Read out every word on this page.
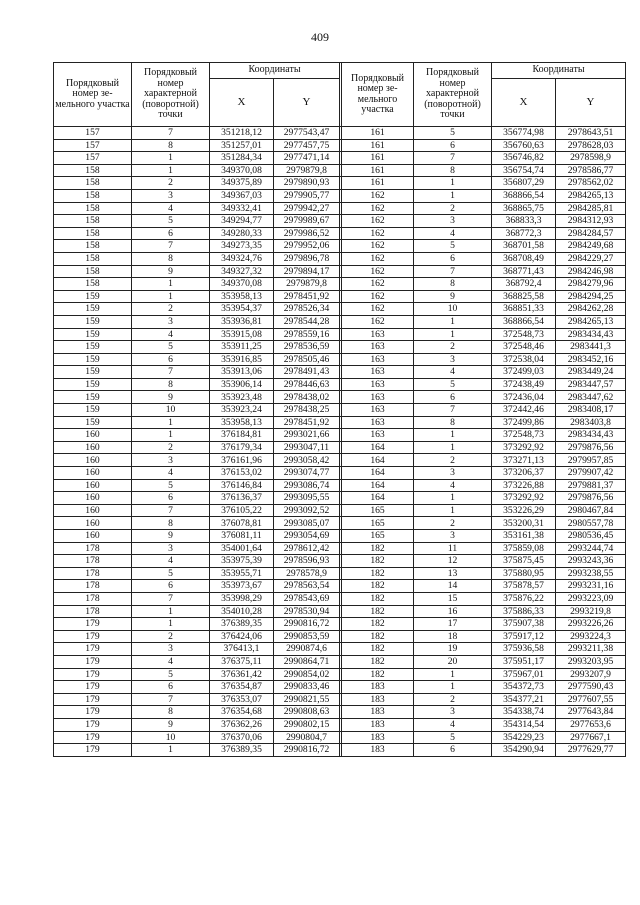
409
Порядковый номер зе-мельного участка	Порядковый номер характерной (поворотной) точки	Координаты			Порядковый номер зе-мельного участка	Порядковый номер характерной (поворотной) точки	Координаты	
		X	Y				X	Y
157	7	351218,12	2977543,47		161	5	356774,98	2978643,51
157	8	351257,01	2977457,75		161	6	356760,63	2978628,03
157	1	351284,34	2977471,14		161	7	356746,82	2978598,9
158	1	349370,08	2979879,8		161	8	356754,74	2978586,77
158	2	349375,89	2979890,93		161	1	356807,29	2978562,02
158	3	349367,03	2979905,77		162	1	368866,54	2984265,13
158	4	349332,41	2979942,27		162	2	368865,75	2984285,81
158	5	349294,77	2979989,67		162	3	368833,3	2984312,93
158	6	349280,33	2979986,52		162	4	368772,3	2984284,57
158	7	349273,35	2979952,06		162	5	368701,58	2984249,68
158	8	349324,76	2979896,78		162	6	368708,49	2984229,27
158	9	349327,32	2979894,17		162	7	368771,43	2984246,98
158	1	349370,08	2979879,8		162	8	368792,4	2984279,96
159	1	353958,13	2978451,92		162	9	368825,58	2984294,25
159	2	353954,37	2978526,34		162	10	368851,33	2984262,28
159	3	353936,81	2978544,28		162	1	368866,54	2984265,13
159	4	353915,08	2978559,16		163	1	372548,73	2983434,43
159	5	353911,25	2978536,59		163	2	372548,46	2983441,3
159	6	353916,85	2978505,46		163	3	372538,04	2983452,16
159	7	353913,06	2978491,43		163	4	372499,03	2983449,24
159	8	353906,14	2978446,63		163	5	372438,49	2983447,57
159	9	353923,48	2978438,02		163	6	372436,04	2983447,62
159	10	353923,24	2978438,25		163	7	372442,46	2983408,17
159	1	353958,13	2978451,92		163	8	372499,86	2983403,8
160	1	376184,81	2993021,66		163	1	372548,73	2983434,43
160	2	376179,34	2993047,11		164	1	373292,92	2979876,56
160	3	376161,96	2993058,42		164	2	373271,13	2979957,85
160	4	376153,02	2993074,77		164	3	373206,37	2979907,42
160	5	376146,84	2993086,74		164	4	373226,88	2979881,37
160	6	376136,37	2993095,55		164	1	373292,92	2979876,56
160	7	376105,22	2993092,52		165	1	353226,29	2980467,84
160	8	376078,81	2993085,07		165	2	353200,31	2980557,78
160	9	376081,11	2993054,69		165	3	353161,38	2980536,45
178	3	354001,64	2978612,42		182	11	375859,08	2993244,74
178	4	353975,39	2978596,93		182	12	375875,45	2993243,36
178	5	353955,71	2978578,9		182	13	375880,95	2993238,55
178	6	353973,67	2978563,54		182	14	375878,57	2993231,16
178	7	353998,29	2978543,69		182	15	375876,22	2993223,09
178	1	354010,28	2978530,94		182	16	375886,33	2993219,8
179	1	376389,35	2990816,72		182	17	375907,38	2993226,26
179	2	376424,06	2990853,59		182	18	375917,12	2993224,3
179	3	376413,1	2990874,6		182	19	375936,58	2993211,38
179	4	376375,11	2990864,71		182	20	375951,17	2993203,95
179	5	376361,42	2990854,02		182	1	375967,01	2993207,9
179	6	376354,87	2990833,46		183	1	354372,73	2977590,43
179	7	376353,07	2990821,55		183	2	354377,21	2977607,55
179	8	376354,68	2990808,63		183	3	354338,74	2977643,84
179	9	376362,26	2990802,15		183	4	354314,54	2977653,6
179	10	376370,06	2990804,7		183	5	354229,23	2977667,1
179	1	376389,35	2990816,72		183	6	354290,94	2977629,77
